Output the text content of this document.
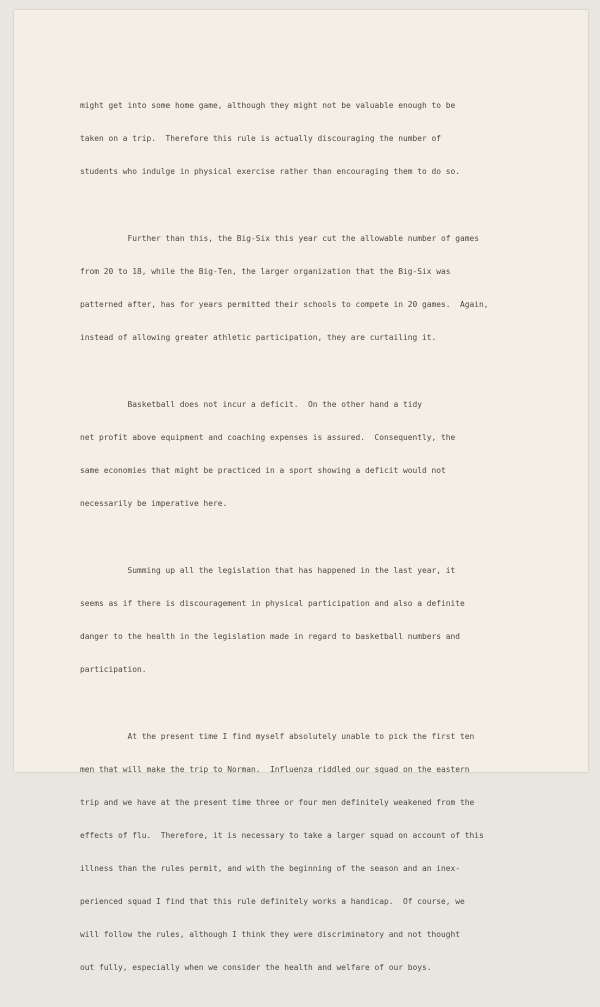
might get into some home game, although they might not be valuable enough to be

taken on a trip.  Therefore this rule is actually discouraging the number of

students who indulge in physical exercise rather than encouraging them to do so.

Further than this, the Big-Six this year cut the allowable number of games

from 20 to 18, while the Big-Ten, the larger organization that the Big-Six was

patterned after, has for years permitted their schools to compete in 20 games.  Again,

instead of allowing greater athletic participation, they are curtailing it.

Basketball does not incur a deficit.  On the other hand a tidy

net profit above equipment and coaching expenses is assured.  Consequently, the

same economies that might be practiced in a sport showing a deficit would not

necessarily be imperative here.

Summing up all the legislation that has happened in the last year, it

seems as if there is discouragement in physical participation and also a definite

danger to the health in the legislation made in regard to basketball numbers and

participation.

At the present time I find myself absolutely unable to pick the first ten

men that will make the trip to Norman.  Influenza riddled our squad on the eastern

trip and we have at the present time three or four men definitely weakened from the

effects of flu.  Therefore, it is necessary to take a larger squad on account of this

illness than the rules permit, and with the beginning of the season and an inex-

perienced squad I find that this rule definitely works a handicap.  Of course, we

will follow the rules, although I think they were discriminatory and not thought

out fully, especially when we consider the health and welfare of our boys.
